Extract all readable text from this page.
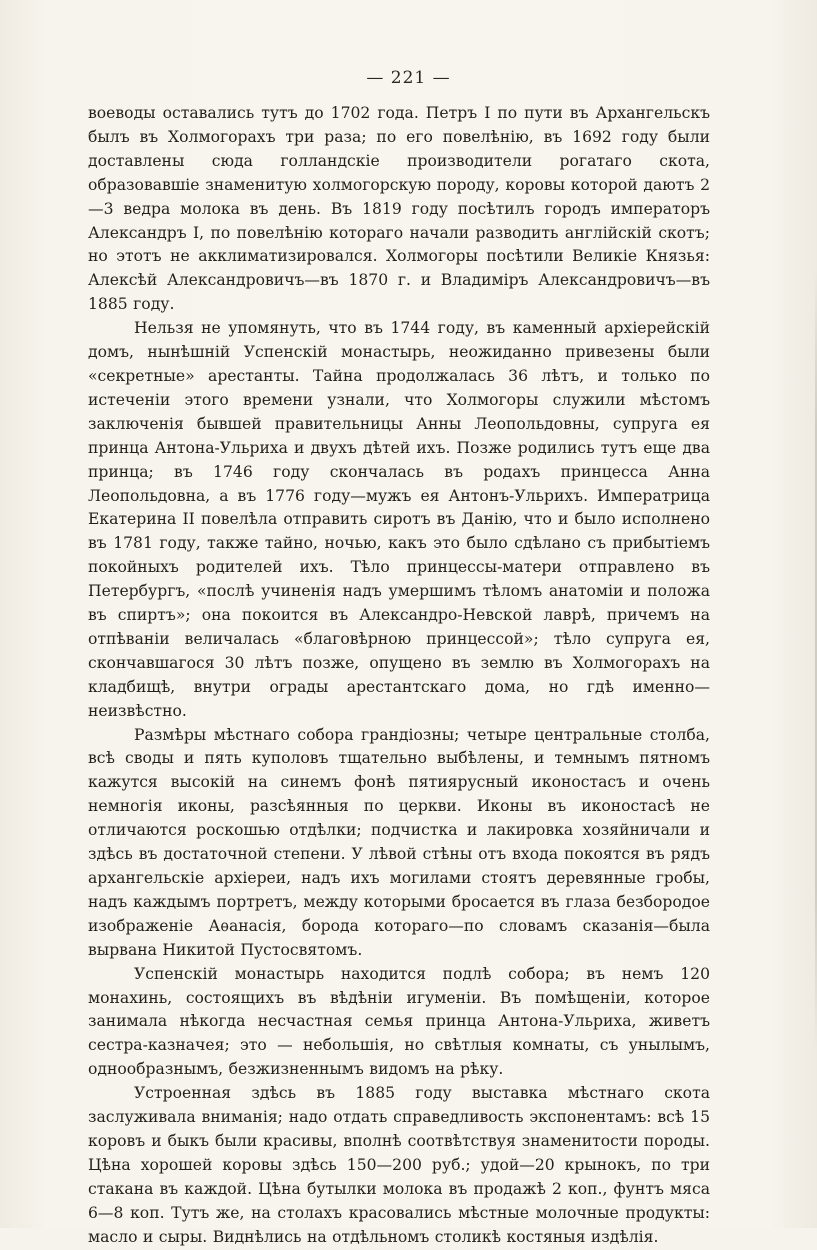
— 221 —

воеводы оставались тутъ до 1702 года. Петръ I по пути въ Архангельскъ былъ въ Холмогорахъ три раза; по его повелѣнію, въ 1692 году были доставлены сюда голландскіе производители рогатаго скота, образовавшіе знаменитую холмогорскую породу, коровы которой даютъ 2—3 ведра молока въ день. Въ 1819 году посѣтилъ городъ императоръ Александръ I, по повелѣнію котораго начали разводить англійскій скотъ; но этотъ не акклиматизировался. Холмогоры посѣтили Великіе Князья: Алексѣй Александровичъ—въ 1870 г. и Владиміръ Александровичъ—въ 1885 году.

Нельзя не упомянуть, что въ 1744 году, въ каменный архіерейскій домъ, нынѣшній Успенскій монастырь, неожиданно привезены были «секретные» арестанты. Тайна продолжалась 36 лѣтъ, и только по истеченіи этого времени узнали, что Холмогоры служили мѣстомъ заключенія бывшей правительницы Анны Леопольдовны, супруга ея принца Антона-Ульриха и двухъ дѣтей ихъ. Позже родились тутъ еще два принца; въ 1746 году скончалась въ родахъ принцесса Анна Леопольдовна, а въ 1776 году—мужъ ея Антонъ-Ульрихъ. Императрица Екатерина II повелѣла отправить сиротъ въ Данію, что и было исполнено въ 1781 году, также тайно, ночью, какъ это было сдѣлано съ прибытіемъ покойныхъ родителей ихъ. Тѣло принцессы-матери отправлено въ Петербургъ, «послѣ учиненія надъ умершимъ тѣломъ анатоміи и положа въ спиртъ»; она покоится въ Александро-Невской лаврѣ, причемъ на отпѣваніи величалась «благовѣрною принцессой»; тѣло супруга ея, скончавшагося 30 лѣтъ позже, опущено въ землю въ Холмогорахъ на кладбищѣ, внутри ограды арестантскаго дома, но гдѣ именно—неизвѣстно.

Размѣры мѣстнаго собора грандіозны; четыре центральные столба, всѣ своды и пять куполовъ тщательно выбѣлены, и темнымъ пятномъ кажутся высокій на синемъ фонѣ пятиярусный иконостасъ и очень немногія иконы, разсѣянныя по церкви. Иконы въ иконостасѣ не отличаются роскошью отдѣлки; подчистка и лакировка хозяйничали и здѣсь въ достаточной степени. У лѣвой стѣны отъ входа покоятся въ рядъ архангельскіе архіереи, надъ ихъ могилами стоятъ деревянные гробы, надъ каждымъ портретъ, между которыми бросается въ глаза безбородое изображеніе Аѳанасія, борода котораго—по словамъ сказанія—была вырвана Никитой Пустосвятомъ.

Успенскій монастырь находится подлѣ собора; въ немъ 120 монахинь, состоящихъ въ вѣдѣніи игуменіи. Въ помѣщеніи, которое занимала нѣкогда несчастная семья принца Антона-Ульриха, живетъ сестра-казначея; это — небольшія, но свѣтлыя комнаты, съ унылымъ, однообразнымъ, безжизненнымъ видомъ на рѣку.

Устроенная здѣсь въ 1885 году выставка мѣстнаго скота заслуживала вниманія; надо отдать справедливость экспонентамъ: всѣ 15 коровъ и быкъ были красивы, вполнѣ соотвѣтствуя знаменитости породы. Цѣна хорошей коровы здѣсь 150—200 руб.; удой—20 крынокъ, по три стакана въ каждой. Цѣна бутылки молока въ продажѣ 2 коп., фунтъ мяса 6—8 коп. Тутъ же, на столахъ красовались мѣстные молочные продукты: масло и сыры. Виднѣлись на отдѣльномъ столикѣ костяныя издѣлія.
